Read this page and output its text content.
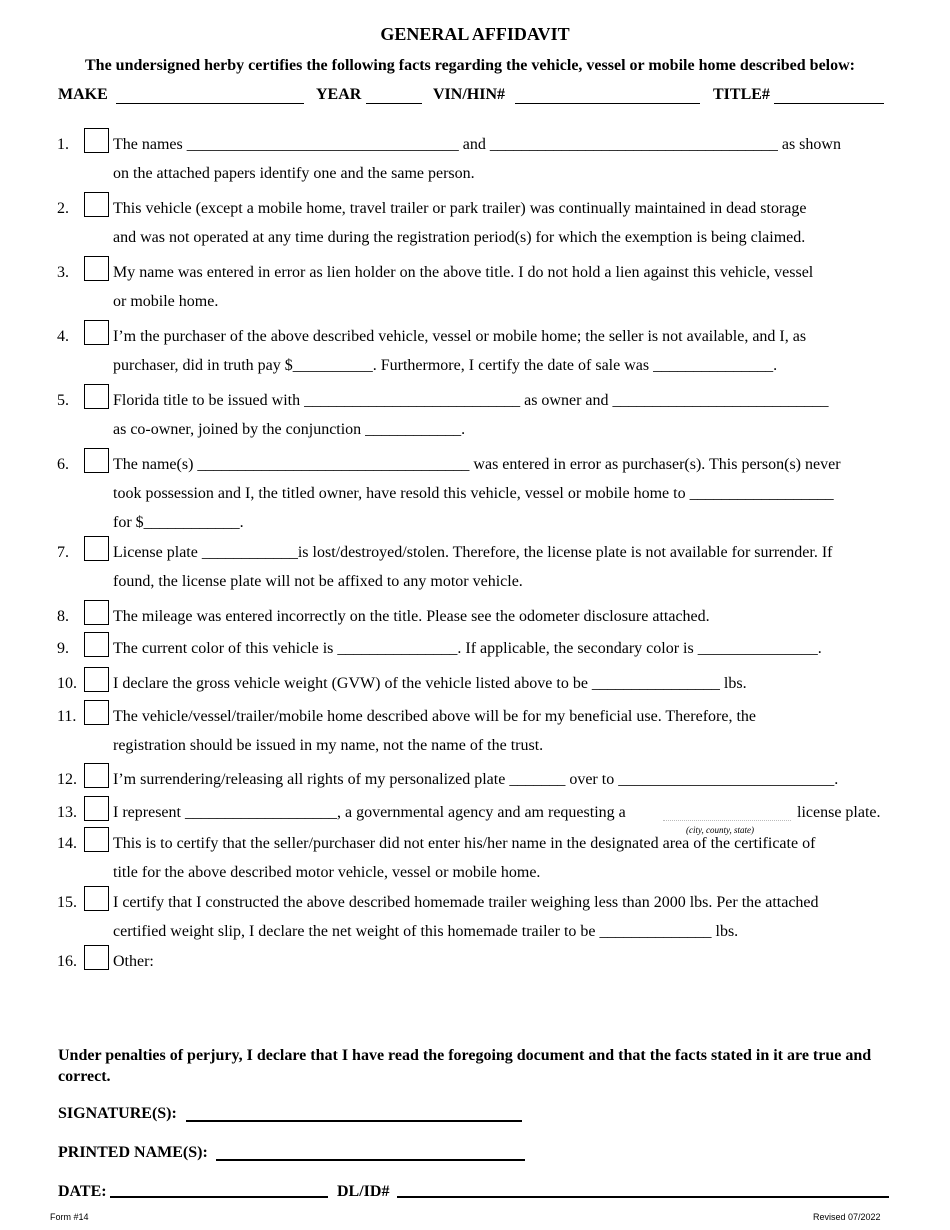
GENERAL AFFIDAVIT
The undersigned herby certifies the following facts regarding the vehicle, vessel or mobile home described below:
MAKE	YEAR	VIN/HIN#	TITLE#
1.	The names __________________________________ and ____________________________________ as shown
on the attached papers identify one and the same person.
2.	This vehicle (except a mobile home, travel trailer or park trailer) was continually maintained in dead storage
and was not operated at any time during the registration period(s) for which the exemption is being claimed.
3.	My name was entered in error as lien holder on the above title. I do not hold a lien against this vehicle, vessel
or mobile home.
4.	I’m the purchaser of the above described vehicle, vessel or mobile home; the seller is not available, and I, as
purchaser, did in truth pay $__________. Furthermore, I certify the date of sale was _______________.
5.	Florida title to be issued with ___________________________ as owner and ___________________________
as co-owner, joined by the conjunction ____________.
6.	The name(s) __________________________________ was entered in error as purchaser(s). This person(s) never
took possession and I, the titled owner, have resold this vehicle, vessel or mobile home to __________________
for $____________.
7.	License plate ____________is lost/destroyed/stolen. Therefore, the license plate is not available for surrender. If
found, the license plate will not be affixed to any motor vehicle.
8.	The mileage was entered incorrectly on the title. Please see the odometer disclosure attached.
9.	The current color of this vehicle is _______________. If applicable, the secondary color is _______________.
10. I declare the gross vehicle weight (GVW) of the vehicle listed above to be ________________ lbs.
11. The vehicle/vessel/trailer/mobile home described above will be for my beneficial use. Therefore, the
registration should be issued in my name, not the name of the trust.
12. I’m surrendering/releasing all rights of my personalized plate _______ over to ___________________________.
13. I represent ___________________, a governmental agency and am requesting a	license plate.
(city, county, state)
14. This is to certify that the seller/purchaser did not enter his/her name in the designated area of the certificate of
title for the above described motor vehicle, vessel or mobile home.
15. I certify that I constructed the above described homemade trailer weighing less than 2000 lbs. Per the attached
certified weight slip, I declare the net weight of this homemade trailer to be ______________ lbs.
16. Other:
Under penalties of perjury, I declare that I have read the foregoing document and that the facts stated in it are true and correct.
SIGNATURE(S):
PRINTED NAME(S):
DATE:	DL/ID#
Form #14	Revised 07/2022
